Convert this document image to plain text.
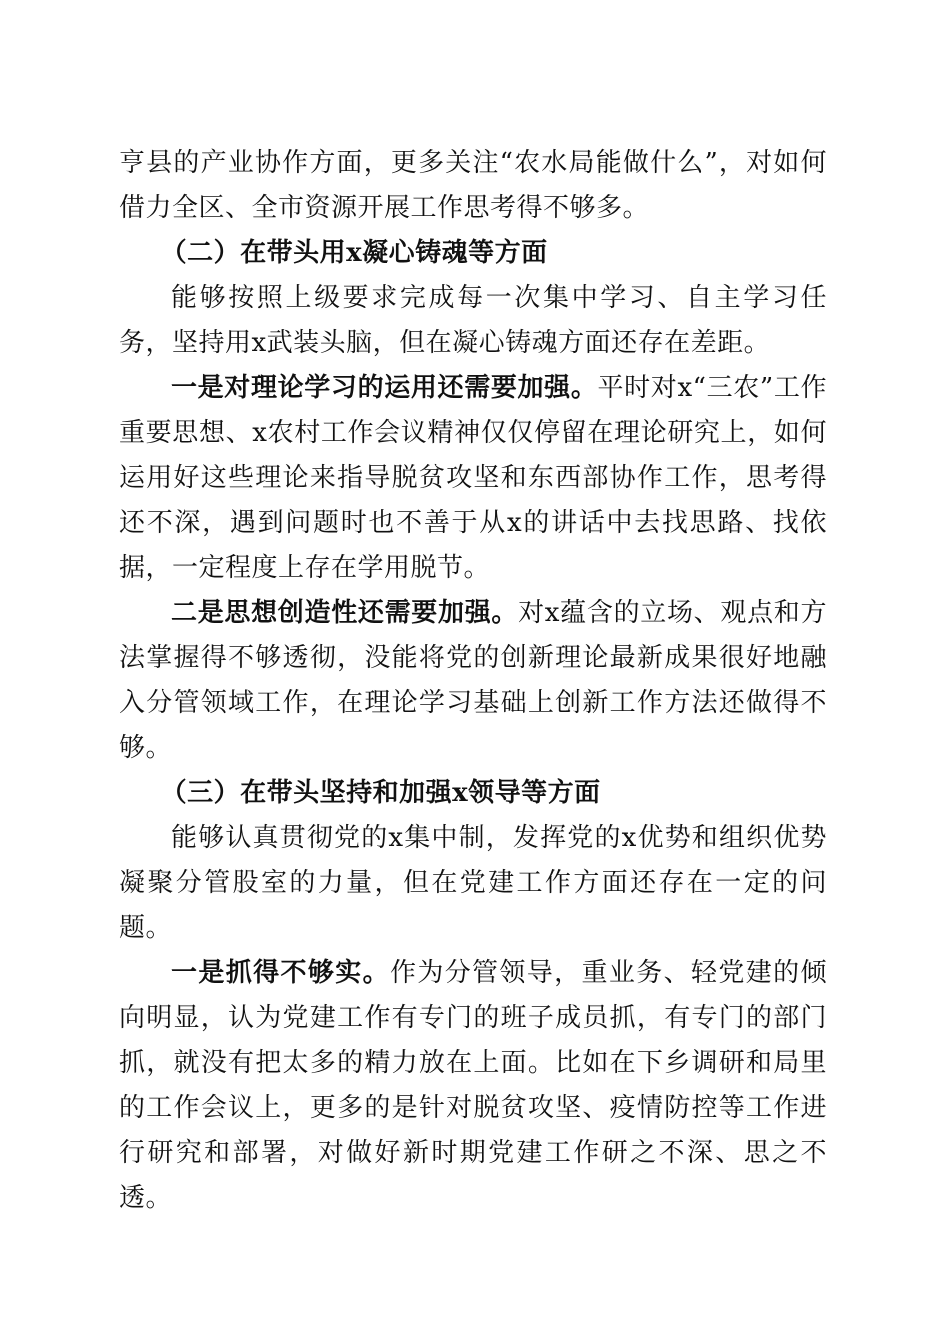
亨县的产业协作方面，更多关注“农水局能做什么”，对如何借力全区、全市资源开展工作思考得不够多。

（二）在带头用x凝心铸魂等方面

能够按照上级要求完成每一次集中学习、自主学习任务，坚持用x武装头脑，但在凝心铸魂方面还存在差距。

一是对理论学习的运用还需要加强。平时对x“三农”工作重要思想、x农村工作会议精神仅仅停留在理论研究上，如何运用好这些理论来指导脱贫攻坚和东西部协作工作，思考得还不深，遇到问题时也不善于从x的讲话中去找思路、找依据，一定程度上存在学用脱节。

二是思想创造性还需要加强。对x蕴含的立场、观点和方法掌握得不够透彻，没能将党的创新理论最新成果很好地融入分管领域工作，在理论学习基础上创新工作方法还做得不够。

（三）在带头坚持和加强x领导等方面

能够认真贯彻党的x集中制，发挥党的x优势和组织优势凝聚分管股室的力量，但在党建工作方面还存在一定的问题。

一是抓得不够实。作为分管领导，重业务、轻党建的倾向明显，认为党建工作有专门的班子成员抓，有专门的部门抓，就没有把太多的精力放在上面。比如在下乡调研和局里的工作会议上，更多的是针对脱贫攻坚、疫情防控等工作进行研究和部署，对做好新时期党建工作研之不深、思之不透。
